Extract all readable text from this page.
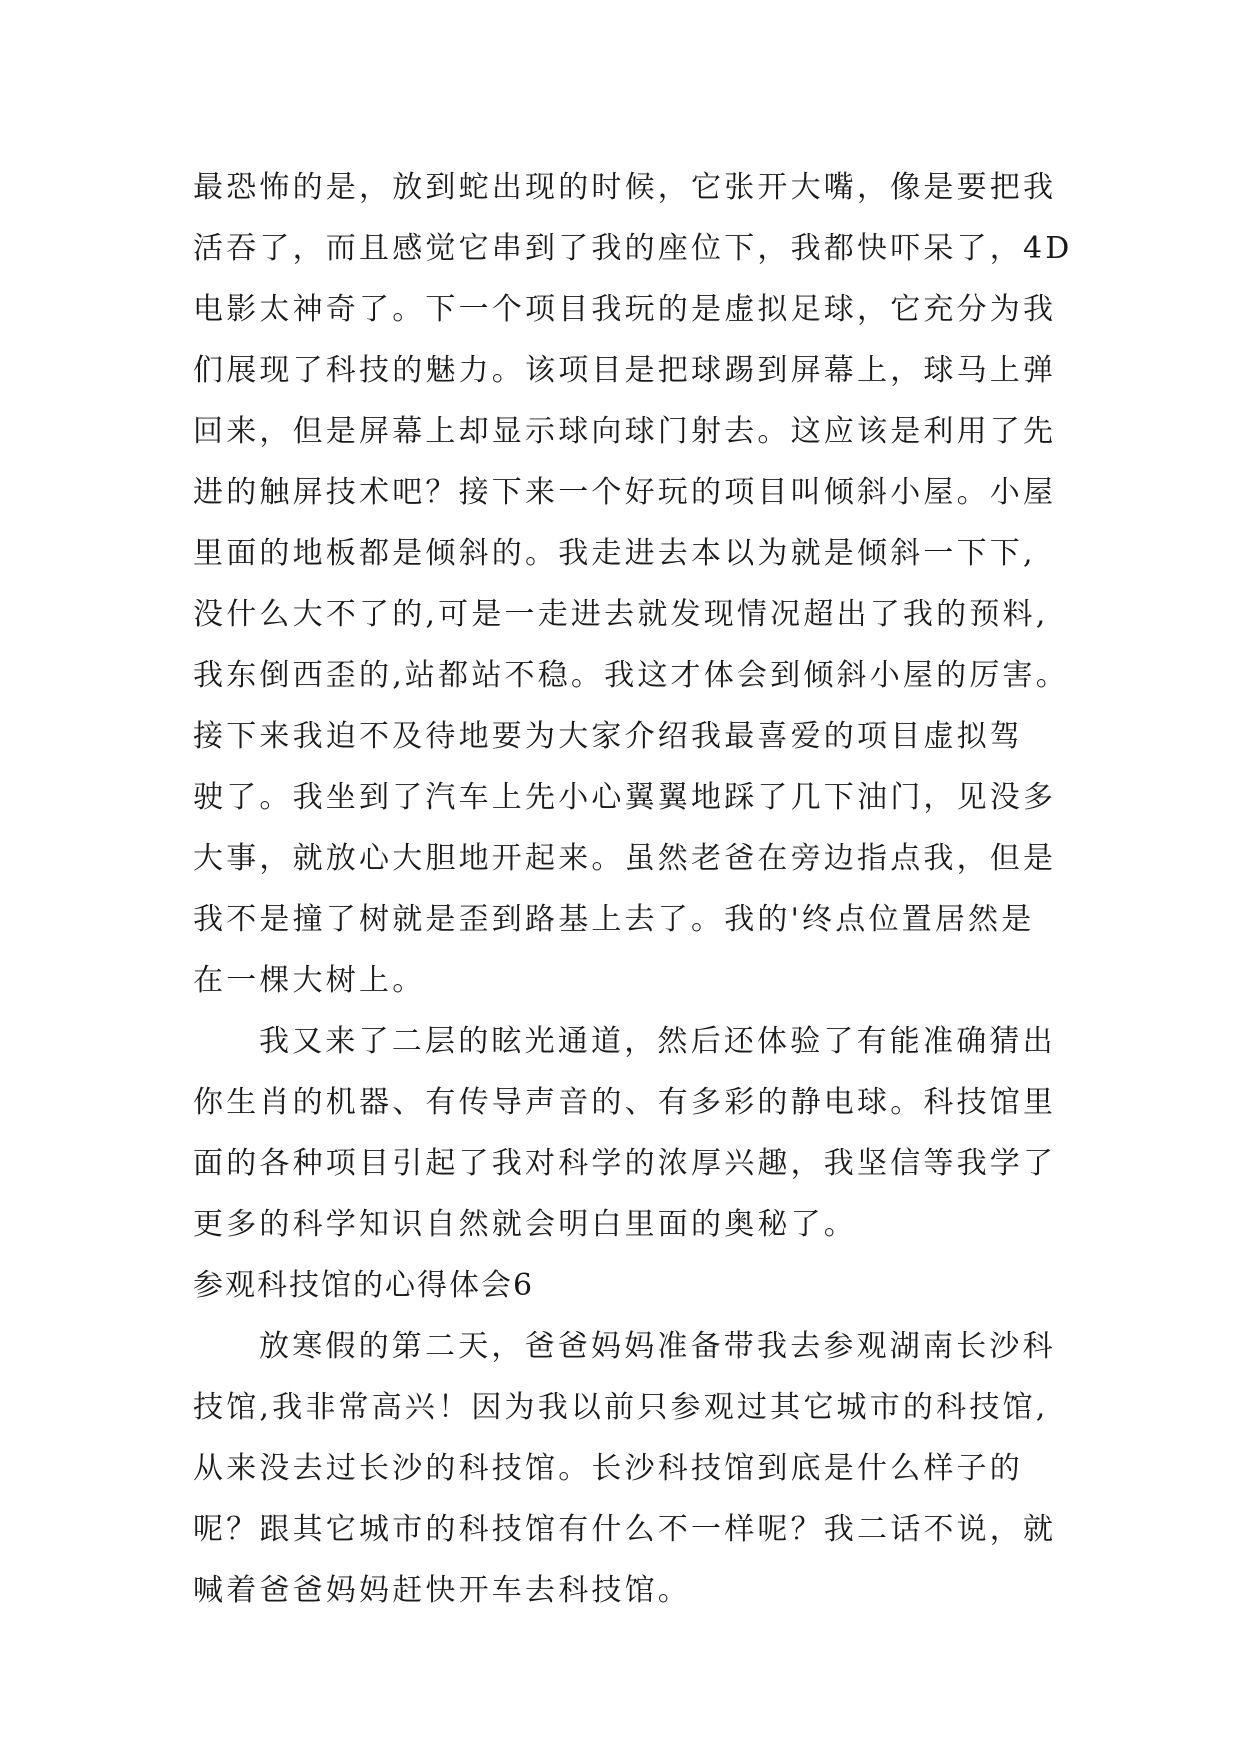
最恐怖的是，放到蛇出现的时候，它张开大嘴，像是要把我
活吞了，而且感觉它串到了我的座位下，我都快吓呆了，4D
电影太神奇了。下一个项目我玩的是虚拟足球，它充分为我
们展现了科技的魅力。该项目是把球踢到屏幕上，球马上弹
回来，但是屏幕上却显示球向球门射去。这应该是利用了先
进的触屏技术吧？接下来一个好玩的项目叫倾斜小屋。小屋
里面的地板都是倾斜的。我走进去本以为就是倾斜一下下,
没什么大不了的,可是一走进去就发现情况超出了我的预料,
我东倒西歪的,站都站不稳。我这才体会到倾斜小屋的厉害。
接下来我迫不及待地要为大家介绍我最喜爱的项目虚拟驾
驶了。我坐到了汽车上先小心翼翼地踩了几下油门，见没多
大事，就放心大胆地开起来。虽然老爸在旁边指点我，但是
我不是撞了树就是歪到路基上去了。我的'终点位置居然是
在一棵大树上。
我又来了二层的眩光通道，然后还体验了有能准确猜出
你生肖的机器、有传导声音的、有多彩的静电球。科技馆里
面的各种项目引起了我对科学的浓厚兴趣，我坚信等我学了
更多的科学知识自然就会明白里面的奥秘了。
参观科技馆的心得体会6
放寒假的第二天，爸爸妈妈准备带我去参观湖南长沙科
技馆,我非常高兴！因为我以前只参观过其它城市的科技馆,
从来没去过长沙的科技馆。长沙科技馆到底是什么样子的
呢？跟其它城市的科技馆有什么不一样呢？我二话不说，就
喊着爸爸妈妈赶快开车去科技馆。
